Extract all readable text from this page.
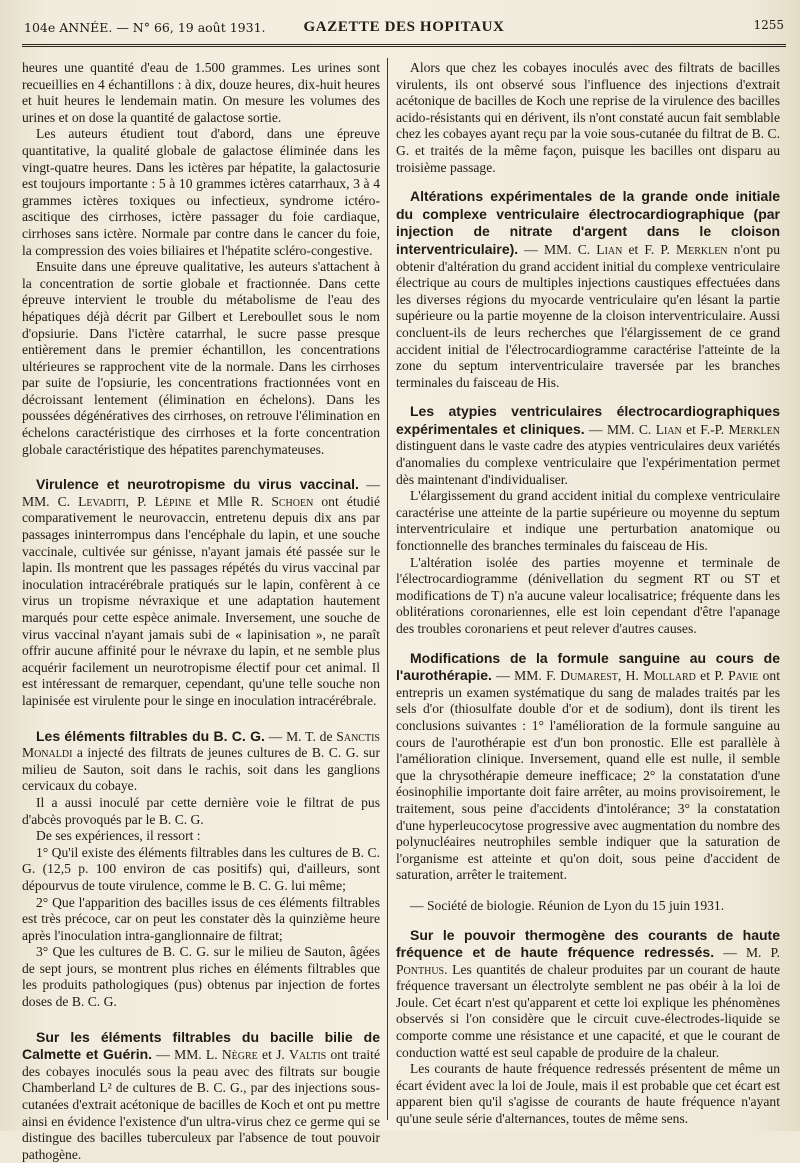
104e ANNÉE. — N° 66, 19 août 1931.	GAZETTE DES HOPITAUX	1255

heures une quantité d'eau de 1.500 grammes. Les urines sont recueillies en 4 échantillons : à dix, douze heures, dix-huit heures et huit heures le lendemain matin. On mesure les volumes des urines et on dose la quantité de galactose sortie.

Les auteurs étudient tout d'abord, dans une épreuve quantitative, la qualité globale de galactose éliminée dans les vingt-quatre heures. Dans les ictères par hépatite, la galactosurie est toujours importante : 5 à 10 grammes ictères catarrhaux, 3 à 4 grammes ictères toxiques ou infectieux, syndrome ictéro-ascitique des cirrhoses, ictère passager du foie cardiaque, cirrhoses sans ictère. Normale par contre dans le cancer du foie, la compression des voies biliaires et l'hépatite scléro-congestive.

Ensuite dans une épreuve qualitative, les auteurs s'attachent à la concentration de sortie globale et fractionnée. Dans cette épreuve intervient le trouble du métabolisme de l'eau des hépatiques déjà décrit par Gilbert et Lereboullet sous le nom d'opsiurie. Dans l'ictère catarrhal, le sucre passe presque entièrement dans le premier échantillon, les concentrations ultérieures se rapprochent vite de la normale. Dans les cirrhoses par suite de l'opsiurie, les concentrations fractionnées vont en décroissant lentement (élimination en échelons). Dans les poussées dégénératives des cirrhoses, on retrouve l'élimination en échelons caractéristique des cirrhoses et la forte concentration globale caractéristique des hépatites parenchymateuses.

Virulence et neurotropisme du virus vaccinal. — MM. C. Levaditi, P. Lépine et Mlle R. Schoen ont étudié comparativement le neurovaccin, entretenu depuis dix ans par passages ininterrompus dans l'encéphale du lapin, et une souche vaccinale, cultivée sur génisse, n'ayant jamais été passée sur le lapin. Ils montrent que les passages répétés du virus vaccinal par inoculation intracérébrale pratiqués sur le lapin, confèrent à ce virus un tropisme névraxique et une adaptation hautement marqués pour cette espèce animale. Inversement, une souche de virus vaccinal n'ayant jamais subi de « lapinisation », ne paraît offrir aucune affinité pour le névraxe du lapin, et ne semble plus acquérir facilement un neurotropisme électif pour cet animal. Il est intéressant de remarquer, cependant, qu'une telle souche non lapinisée est virulente pour le singe en inoculation intracérébrale.

Les éléments filtrables du B. C. G. — M. T. de Sanctis Monaldi a injecté des filtrats de jeunes cultures de B. C. G. sur milieu de Sauton, soit dans le rachis, soit dans les ganglions cervicaux du cobaye.

Il a aussi inoculé par cette dernière voie le filtrat de pus d'abcès provoqués par le B. C. G.

De ses expériences, il ressort :

1° Qu'il existe des éléments filtrables dans les cultures de B. C. G. (12,5 p. 100 environ de cas positifs) qui, d'ailleurs, sont dépourvus de toute virulence, comme le B. C. G. lui même;

2° Que l'apparition des bacilles issus de ces éléments filtrables est très précoce, car on peut les constater dès la quinzième heure après l'inoculation intra-ganglionnaire de filtrat;

3° Que les cultures de B. C. G. sur le milieu de Sauton, âgées de sept jours, se montrent plus riches en éléments filtrables que les produits pathologiques (pus) obtenus par injection de fortes doses de B. C. G.

Sur les éléments filtrables du bacille bilie de Calmette et Guérin. — MM. L. Nègre et J. Valtis ont traité des cobayes inoculés sous la peau avec des filtrats sur bougie Chamberland L² de cultures de B. C. G., par des injections sous-cutanées d'extrait acétonique de bacilles de Koch et ont pu mettre ainsi en évidence l'existence d'un ultra-virus chez ce germe qui se distingue des bacilles tuberculeux par l'absence de tout pouvoir pathogène.

Alors que chez les cobayes inoculés avec des filtrats de bacilles virulents, ils ont observé sous l'influence des injections d'extrait acétonique de bacilles de Koch une reprise de la virulence des bacilles acido-résistants qui en dérivent, ils n'ont constaté aucun fait semblable chez les cobayes ayant reçu par la voie sous-cutanée du filtrat de B. C. G. et traités de la même façon, puisque les bacilles ont disparu au troisième passage.

Altérations expérimentales de la grande onde initiale du complexe ventriculaire électrocardiographique (par injection de nitrate d'argent dans le cloison interventriculaire). — MM. C. Lian et F. P. Merklen n'ont pu obtenir d'altération du grand accident initial du complexe ventriculaire électrique au cours de multiples injections caustiques effectuées dans les diverses régions du myocarde ventriculaire qu'en lésant la partie supérieure ou la partie moyenne de la cloison interventriculaire. Aussi concluent-ils de leurs recherches que l'élargissement de ce grand accident initial de l'électrocardiogramme caractérise l'atteinte de la zone du septum interventriculaire traversée par les branches terminales du faisceau de His.

Les atypies ventriculaires électrocardiographiques expérimentales et cliniques. — MM. C. Lian et F.-P. Merklen distinguent dans le vaste cadre des atypies ventriculaires deux variétés d'anomalies du complexe ventriculaire que l'expérimentation permet dès maintenant d'individualiser.

L'élargissement du grand accident initial du complexe ventriculaire caractérise une atteinte de la partie supérieure ou moyenne du septum interventriculaire et indique une perturbation anatomique ou fonctionnelle des branches terminales du faisceau de His.

L'altération isolée des parties moyenne et terminale de l'électrocardiogramme (dénivellation du segment RT ou ST et modifications de T) n'a aucune valeur localisatrice; fréquente dans les oblitérations coronariennes, elle est loin cependant d'être l'apanage des troubles coronariens et peut relever d'autres causes.

Modifications de la formule sanguine au cours de l'aurothérapie. — MM. F. Dumarest, H. Mollard et P. Pavie ont entrepris un examen systématique du sang de malades traités par les sels d'or (thiosulfate double d'or et de sodium), dont ils tirent les conclusions suivantes : 1° l'amélioration de la formule sanguine au cours de l'aurothérapie est d'un bon pronostic. Elle est parallèle à l'amélioration clinique. Inversement, quand elle est nulle, il semble que la chrysothérapie demeure inefficace; 2° la constatation d'une éosinophilie importante doit faire arrêter, au moins provisoirement, le traitement, sous peine d'accidents d'intolérance; 3° la constatation d'une hyperleucocytose progressive avec augmentation du nombre des polynucléaires neutrophiles semble indiquer que la saturation de l'organisme est atteinte et qu'on doit, sous peine d'accident de saturation, arrêter le traitement.

— Société de biologie. Réunion de Lyon du 15 juin 1931.

Sur le pouvoir thermogène des courants de haute fréquence et de haute fréquence redressés. — M. P. Ponthus. Les quantités de chaleur produites par un courant de haute fréquence traversant un électrolyte semblent ne pas obéir à la loi de Joule. Cet écart n'est qu'apparent et cette loi explique les phénomènes observés si l'on considère que le circuit cuve-électrodes-liquide se comporte comme une résistance et une capacité, et que le courant de conduction watté est seul capable de produire de la chaleur.

Les courants de haute fréquence redressés présentent de même un écart évident avec la loi de Joule, mais il est probable que cet écart est apparent bien qu'il s'agisse de courants de haute fréquence n'ayant qu'une seule série d'alternances, toutes de même sens.
